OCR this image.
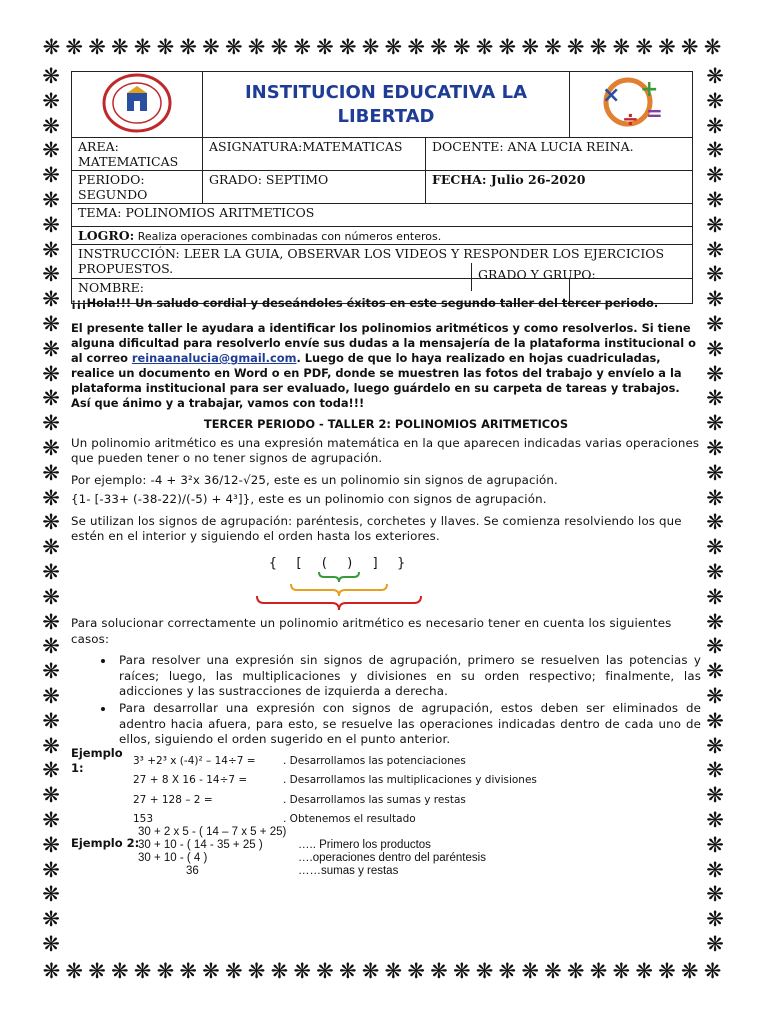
❋ ❋ ❋ ❋ ❋ ❋ ❋ ❋ ❋ ❋ ❋ ❋ ❋ ❋ ❋ ❋ ❋ ❋ ❋ ❋ ❋ ❋ ❋ ❋ ❋ ❋ ❋ ❋ ❋ ❋
❋ ❋ ❋ ❋ ❋ ❋ ❋ ❋ ❋ ❋ ❋ ❋ ❋ ❋ ❋ ❋ ❋ ❋ ❋ ❋ ❋ ❋ ❋ ❋ ❋ ❋ ❋ ❋ ❋ ❋
❋
❋
❋
❋
❋
❋
❋
❋
❋
❋
❋
❋
❋
❋
❋
❋
❋
❋
❋
❋
❋
❋
❋
❋
❋
❋
❋
❋
❋
❋
❋
❋
❋
❋
❋
❋
❋
❋
❋
❋
❋
❋
❋
❋
❋
❋
❋
❋
❋
❋
❋
❋
❋
❋
❋
❋
❋
❋
❋
❋
❋
❋
❋
❋
❋
❋
❋
❋
❋
❋
❋
❋
	INSTITUCION EDUCATIVA LA LIBERTAD		× +
÷ =

AREA: MATEMATICAS	ASIGNATURA:MATEMATICAS	DOCENTE: ANA LUCIA REINA.	
PERIODO: SEGUNDO	GRADO: SEPTIMO	FECHA: Julio 26-2020	
TEMA: POLINOMIOS ARITMETICOS			
LOGRO: Realiza operaciones combinadas con números enteros.			
INSTRUCCIÓN: LEER LA GUIA, OBSERVAR LOS VIDEOS Y RESPONDER LOS EJERCICIOS PROPUESTOS.			
NOMBRE:			
GRADO Y GRUPO:

¡¡¡Hola!!! Un saludo cordial y deseándoles éxitos en este segundo taller del tercer periodo.

El presente taller le ayudara a identificar los polinomios aritméticos y como resolverlos. Si tiene alguna dificultad para resolverlo envíe sus dudas a la mensajería de la plataforma institucional o al correo reinaanalucia@gmail.com. Luego de que lo haya realizado en hojas cuadriculadas, realice un documento en Word o en PDF, donde se muestren las fotos del trabajo y envíelo a la plataforma institucional para ser evaluado, luego guárdelo en su carpeta de tareas y trabajos. Así que ánimo y a trabajar, vamos con toda!!!

TERCER PERIODO - TALLER 2: POLINOMIOS ARITMETICOS

Un polinomio aritmético es una expresión matemática en la que aparecen indicadas varias operaciones que pueden tener o no tener signos de agrupación.

Por ejemplo: -4 + 3²x 36/12-√25, este es un polinomio sin signos de agrupación.

{1- [-33+ (-38-22)/(-5) + 4³]}, este es un polinomio con signos de agrupación.

Se utilizan los signos de agrupación: paréntesis, corchetes y llaves. Se comienza resolviendo los que estén en el interior y siguiendo el orden hasta los exteriores.

{ [ ( ) ] }

Para solucionar correctamente un polinomio aritmético es necesario tener en cuenta los siguientes casos:

• Para resolver una expresión sin signos de agrupación, primero se resuelven las potencias y raíces; luego, las multiplicaciones y divisiones en su orden respectivo; finalmente, las adicciones y las sustracciones de izquierda a derecha.
• Para desarrollar una expresión con signos de agrupación, estos deben ser eliminados de adentro hacia afuera, para esto, se resuelve las operaciones indicadas dentro de cada uno de ellos, siguiendo el orden sugerido en el punto anterior.
Ejemplo 1:
3³ +2³ x (-4)² – 14÷7 =	. Desarrollamos las potenciaciones
27 + 8 X 16 - 14÷7 =	. Desarrollamos las multiplicaciones y divisiones
27 + 128 – 2 =	. Desarrollamos las sumas y restas
153	. Obtenemos el resultado
Ejemplo 2:
30 + 2 x 5 - ( 14 – 7 x 5 + 25)
30 + 10 - ( 14 - 35 + 25 )	….. Primero los productos
30 + 10 - ( 4 )	….operaciones dentro del paréntesis
36	……sumas y restas
